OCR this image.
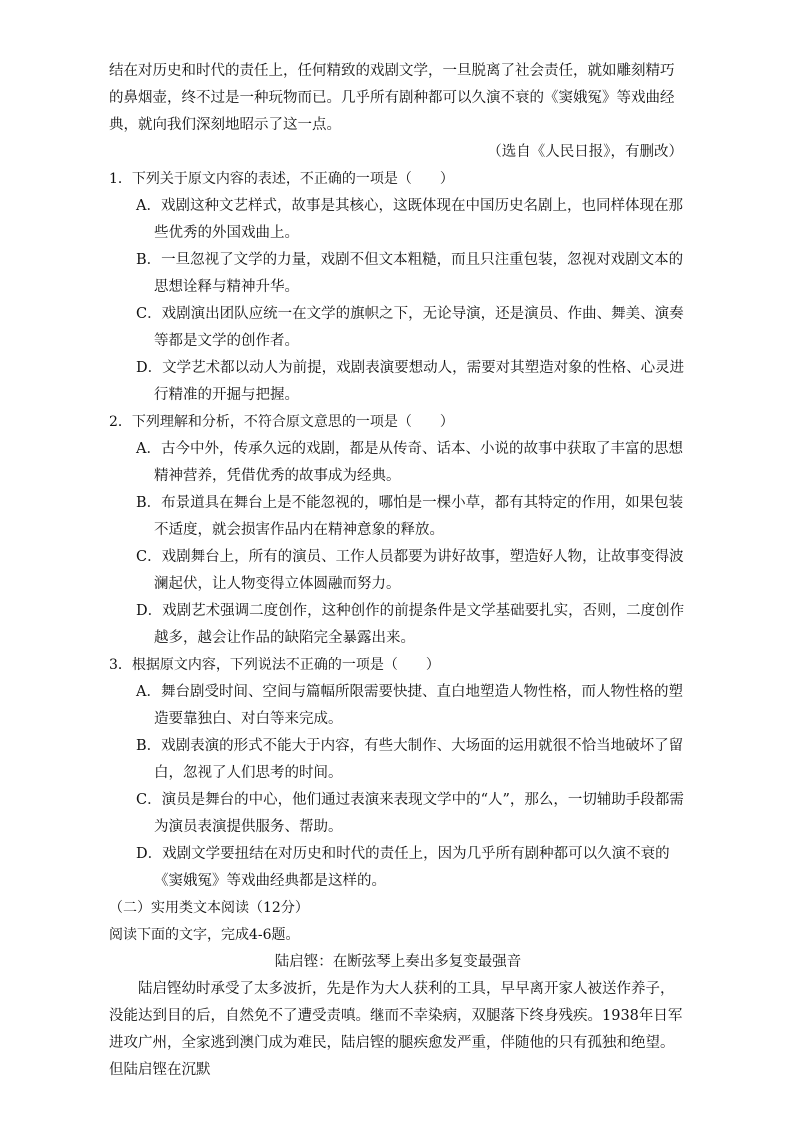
结在对历史和时代的责任上，任何精致的戏剧文学，一旦脱离了社会责任，就如雕刻精巧的鼻烟壶，终不过是一种玩物而已。几乎所有剧种都可以久演不衰的《窦娥冤》等戏曲经典，就向我们深刻地昭示了这一点。

（选自《人民日报》，有删改）

1．下列关于原文内容的表述，不正确的一项是（　　）

A．戏剧这种文艺样式，故事是其核心，这既体现在中国历史名剧上，也同样体现在那些优秀的外国戏曲上。

B．一旦忽视了文学的力量，戏剧不但文本粗糙，而且只注重包装，忽视对戏剧文本的思想诠释与精神升华。

C．戏剧演出团队应统一在文学的旗帜之下，无论导演，还是演员、作曲、舞美、演奏等都是文学的创作者。

D．文学艺术都以动人为前提，戏剧表演要想动人，需要对其塑造对象的性格、心灵进行精准的开掘与把握。

2．下列理解和分析，不符合原文意思的一项是（　　）

A．古今中外，传承久远的戏剧，都是从传奇、话本、小说的故事中获取了丰富的思想精神营养，凭借优秀的故事成为经典。

B．布景道具在舞台上是不能忽视的，哪怕是一棵小草，都有其特定的作用，如果包装不适度，就会损害作品内在精神意象的释放。

C．戏剧舞台上，所有的演员、工作人员都要为讲好故事，塑造好人物，让故事变得波澜起伏，让人物变得立体圆融而努力。

D．戏剧艺术强调二度创作，这种创作的前提条件是文学基础要扎实，否则，二度创作越多，越会让作品的缺陷完全暴露出来。

3．根据原文内容，下列说法不正确的一项是（　　）

A．舞台剧受时间、空间与篇幅所限需要快捷、直白地塑造人物性格，而人物性格的塑造要靠独白、对白等来完成。

B．戏剧表演的形式不能大于内容，有些大制作、大场面的运用就很不恰当地破坏了留白，忽视了人们思考的时间。

C．演员是舞台的中心，他们通过表演来表现文学中的“人”，那么，一切辅助手段都需为演员表演提供服务、帮助。

D．戏剧文学要扭结在对历史和时代的责任上，因为几乎所有剧种都可以久演不衰的《窦娥冤》等戏曲经典都是这样的。

（二）实用类文本阅读（12分）

阅读下面的文字，完成4-6题。

陆启铿：在断弦琴上奏出多复变最强音

陆启铿幼时承受了太多波折，先是作为大人获利的工具，早早离开家人被送作养子，没能达到目的后，自然免不了遭受责嗔。继而不幸染病，双腿落下终身残疾。1938年日军进攻广州，全家逃到澳门成为难民，陆启铿的腿疾愈发严重，伴随他的只有孤独和绝望。但陆启铿在沉默
